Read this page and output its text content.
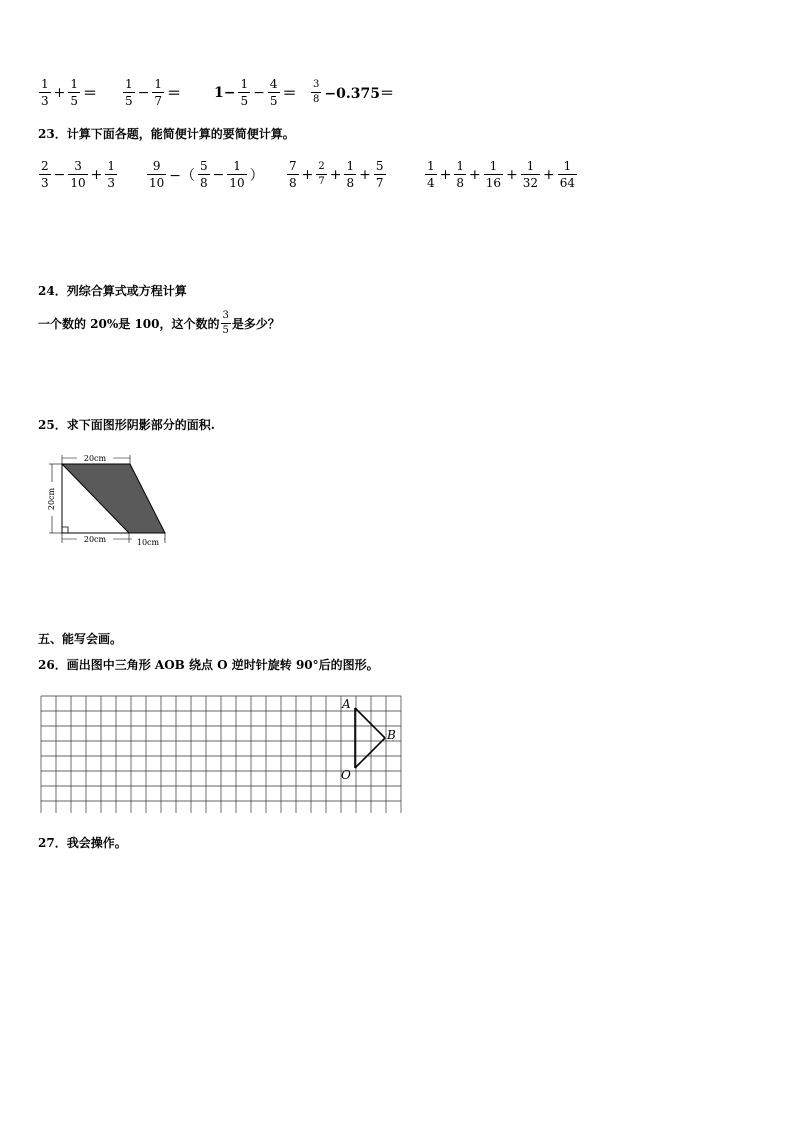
$\frac{1}{3} + \frac{1}{5} = \frac{1}{5} - \frac{1}{7} = 1- \frac{1}{5} - \frac{4}{5} = \frac{3}{8} -0.375=$
23．计算下面各题，能简便计算的要简便计算。
$\frac{2}{3} - \frac{3}{10} + \frac{1}{3} \frac{9}{10}$ −（ $\frac{5}{8} - \frac{1}{10}$ ） $\frac{7}{8} + \frac{2}{7} + \frac{1}{8} + \frac{5}{7}$	$\frac{1}{4} + \frac{1}{8} + \frac{1}{16} + \frac{1}{32} + \frac{1}{64}$
24．列综合算式或方程计算
一个数的 20%是 100，这个数的 $\frac{3}{5}$ 是多少？
25．求下面图形阴影部分的面积.
20cm
20cm
20cm	10cm
五、能写会画。
26．画出图中三角形 AOB 绕点 O 逆时针旋转 90°后的图形。
A
B
O
27．我会操作。
